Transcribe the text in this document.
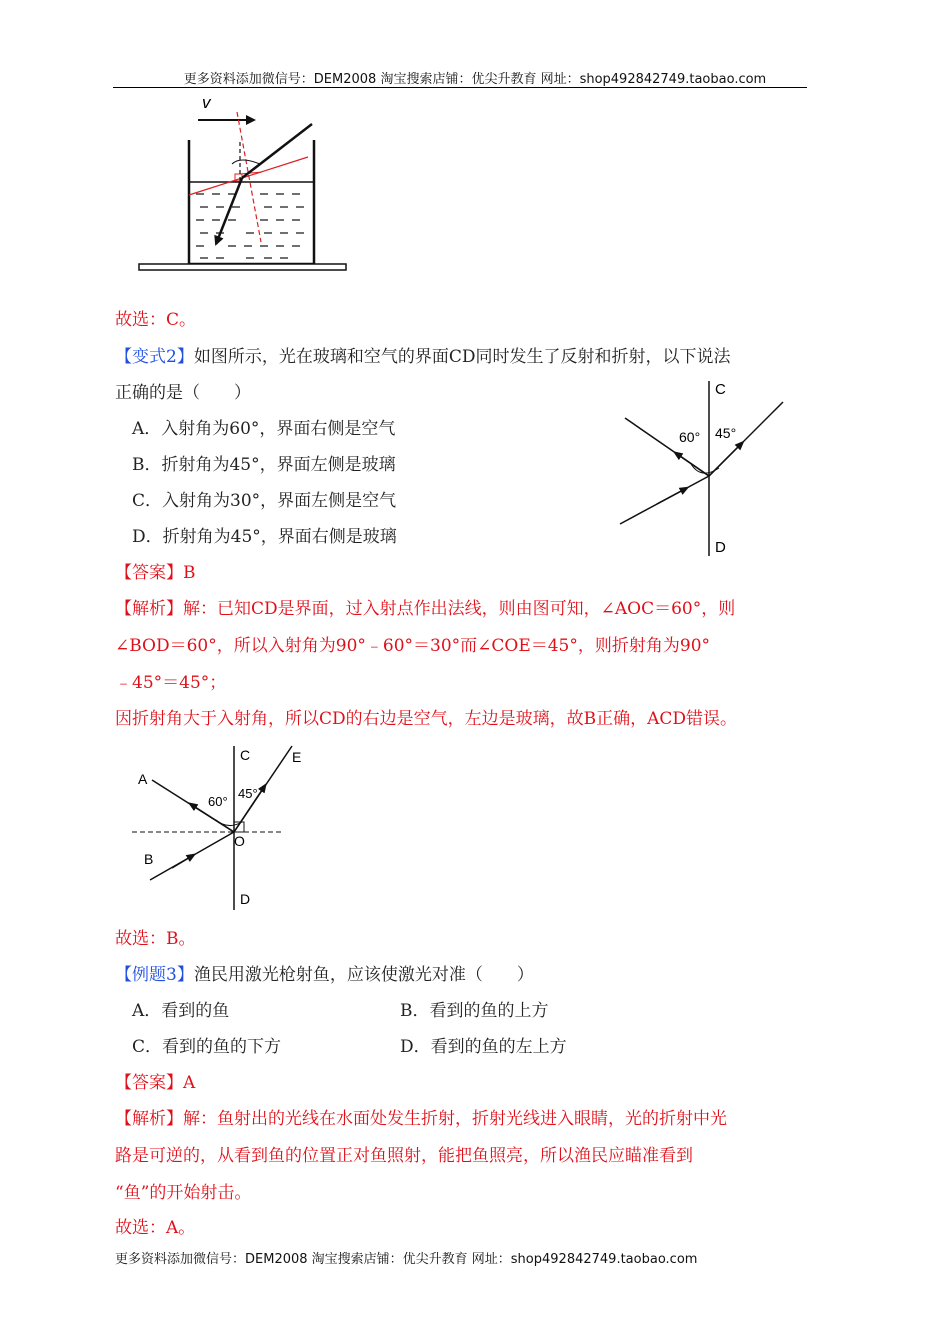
更多资料添加微信号：DEM2008 淘宝搜索店铺：优尖升教育 网址：shop492842749.taobao.com
v
故选：C。
【变式2】如图所示，光在玻璃和空气的界面CD同时发生了反射和折射，以下说法
正确的是（　　）
A．入射角为60°，界面右侧是空气
B．折射角为45°，界面左侧是玻璃
C．入射角为30°，界面左侧是空气
D．折射角为45°，界面右侧是玻璃
C
D
60° 45°
【答案】B
【解析】解：已知CD是界面，过入射点作出法线，则由图可知，∠AOC＝60°，则
∠BOD＝60°，所以入射角为90°﹣60°＝30°而∠COE＝45°，则折射角为90°
﹣45°＝45°；
因折射角大于入射角，所以CD的右边是空气，左边是玻璃，故B正确，ACD错误。
C
D
O
A
B
E
60°
45°
故选：B。
【例题3】渔民用激光枪射鱼，应该使激光对准（　　）
A．看到的鱼	B．看到的鱼的上方
C．看到的鱼的下方	D．看到的鱼的左上方
【答案】A
【解析】解：鱼射出的光线在水面处发生折射，折射光线进入眼睛，光的折射中光
路是可逆的，从看到鱼的位置正对鱼照射，能把鱼照亮，所以渔民应瞄准看到
“鱼”的开始射击。
故选：A。
更多资料添加微信号：DEM2008 淘宝搜索店铺：优尖升教育 网址：shop492842749.taobao.com
